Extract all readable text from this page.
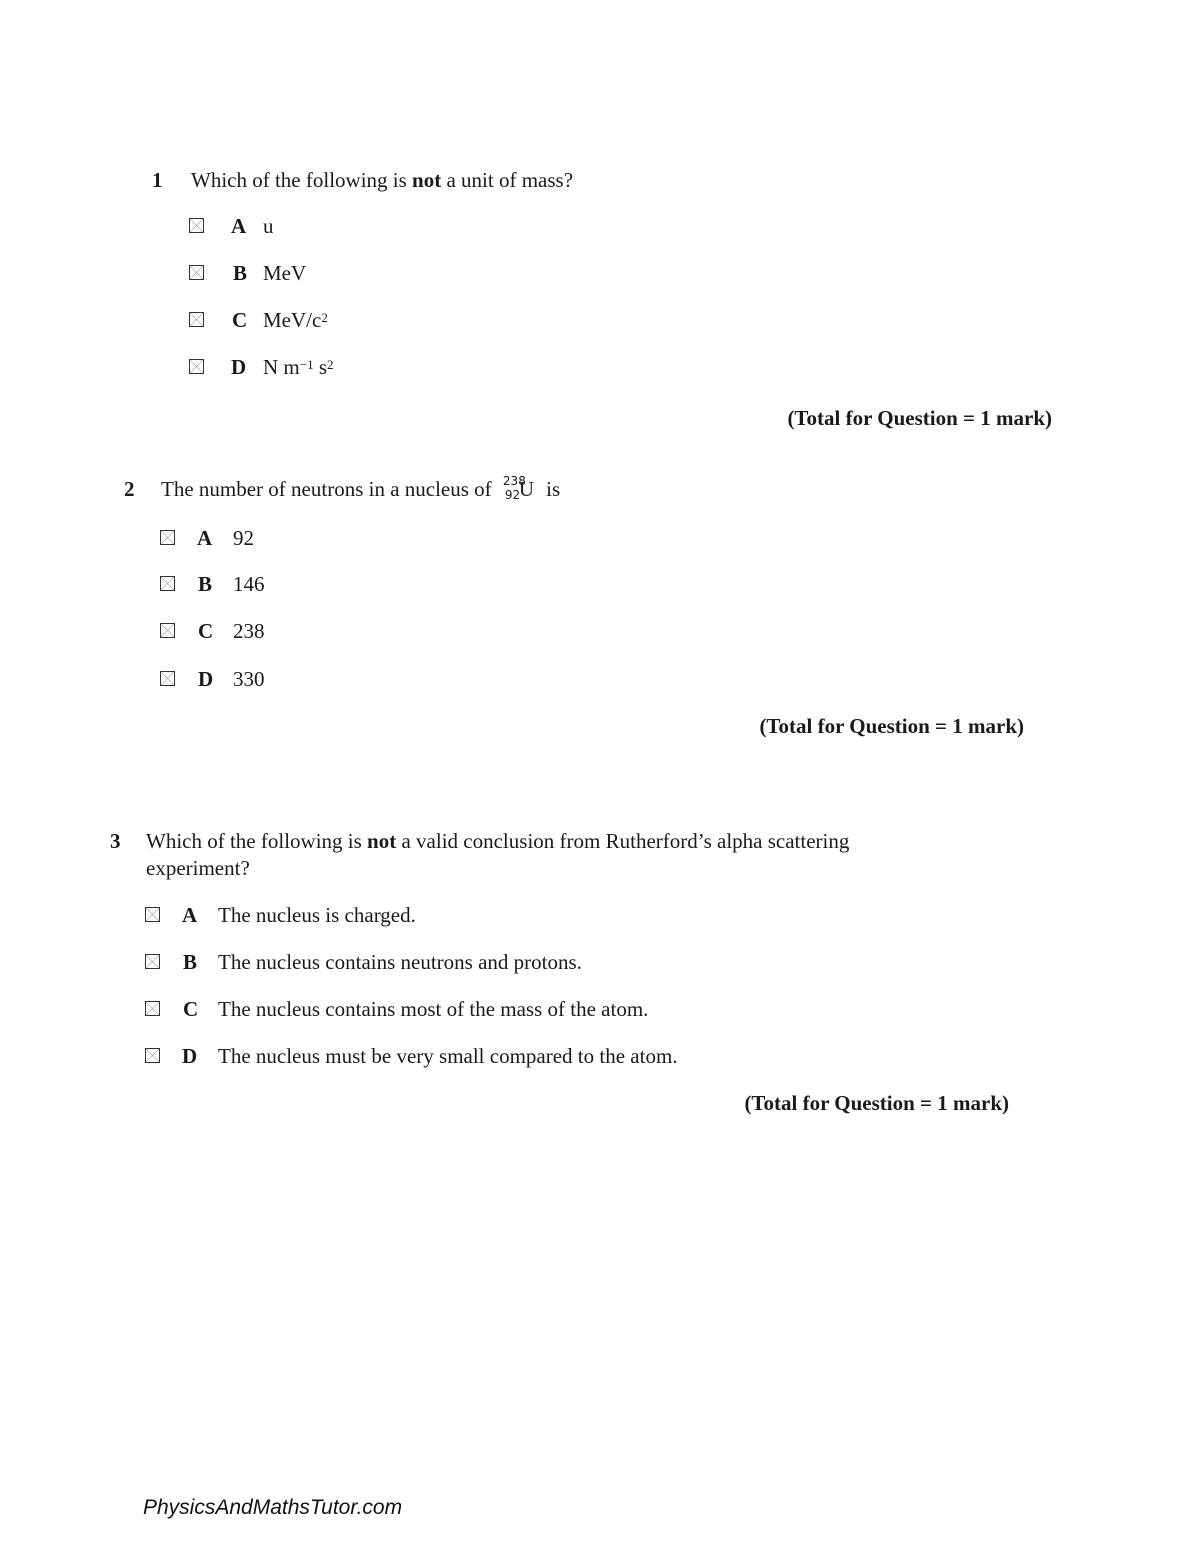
1 Which of the following is not a unit of mass?
A u
B MeV
C MeV/$c^2$
D N $m^{-1}$ $s^2$
(Total for Question = 1 mark)
2 The number of neutrons in a nucleus of 238
92
U is
A 92
B 146
C 238
D 330
(Total for Question = 1 mark)
3 Which of the following is not a valid conclusion from Rutherford’s alpha scattering
experiment?
A The nucleus is charged.
B The nucleus contains neutrons and protons.
C The nucleus contains most of the mass of the atom.
D The nucleus must be very small compared to the atom.
(Total for Question = 1 mark)
PhysicsAndMathsTutor.com
